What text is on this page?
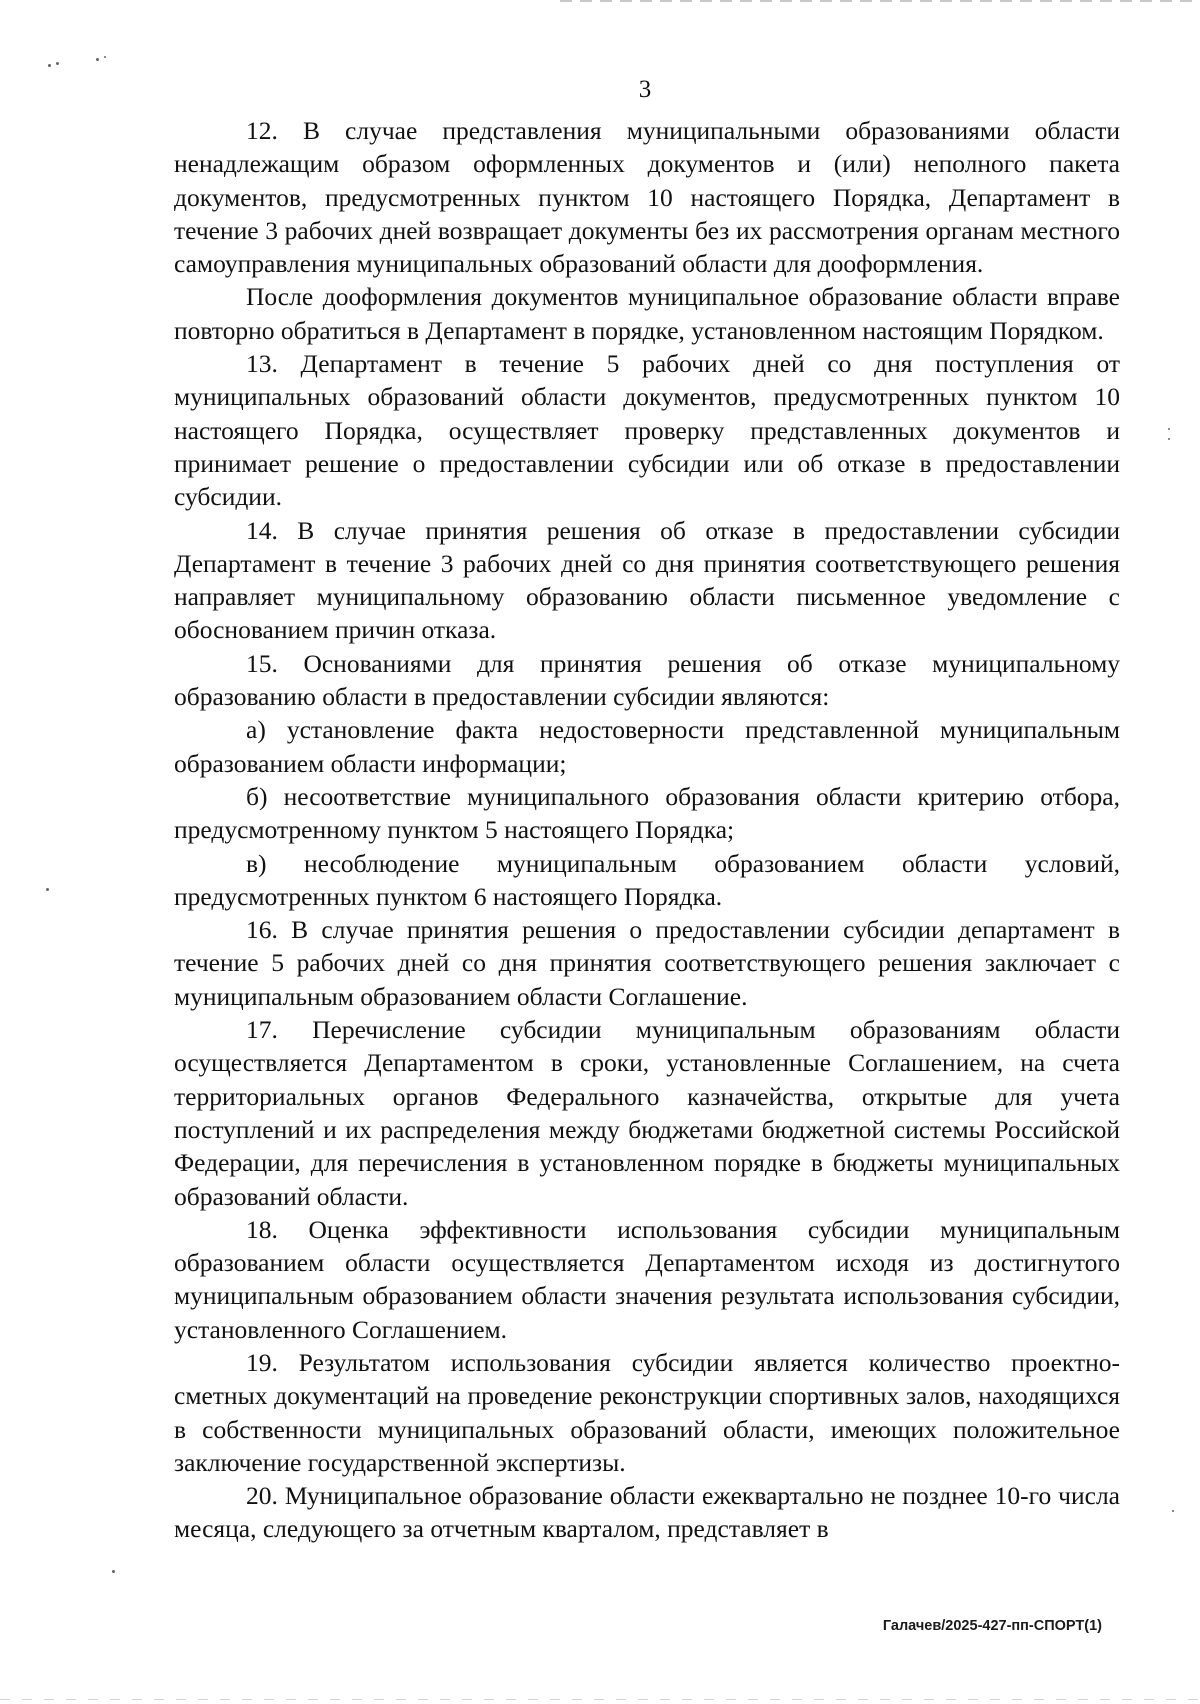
3

12. В случае представления муниципальными образованиями области ненадлежащим образом оформленных документов и (или) неполного пакета документов, предусмотренных пунктом 10 настоящего Порядка, Департамент в течение 3 рабочих дней возвращает документы без их рассмотрения органам местного самоуправления муниципальных образований области для дооформления.

После дооформления документов муниципальное образование области вправе повторно обратиться в Департамент в порядке, установленном настоящим Порядком.

13. Департамент в течение 5 рабочих дней со дня поступления от муниципальных образований области документов, предусмотренных пунктом 10 настоящего Порядка, осуществляет проверку представленных документов и принимает решение о предоставлении субсидии или об отказе в предоставлении субсидии.

14. В случае принятия решения об отказе в предоставлении субсидии Департамент в течение 3 рабочих дней со дня принятия соответствующего решения направляет муниципальному образованию области письменное уведомление с обоснованием причин отказа.

15. Основаниями для принятия решения об отказе муниципальному образованию области в предоставлении субсидии являются:

а) установление факта недостоверности представленной муниципальным образованием области информации;

б) несоответствие муниципального образования области критерию отбора, предусмотренному пунктом 5 настоящего Порядка;

в) несоблюдение муниципальным образованием области условий, предусмотренных пунктом 6 настоящего Порядка.

16. В случае принятия решения о предоставлении субсидии департамент в течение 5 рабочих дней со дня принятия соответствующего решения заключает с муниципальным образованием области Соглашение.

17. Перечисление субсидии муниципальным образованиям области осуществляется Департаментом в сроки, установленные Соглашением, на счета территориальных органов Федерального казначейства, открытые для учета поступлений и их распределения между бюджетами бюджетной системы Российской Федерации, для перечисления в установленном порядке в бюджеты муниципальных образований области.

18. Оценка эффективности использования субсидии муниципальным образованием области осуществляется Департаментом исходя из достигнутого муниципальным образованием области значения результата использования субсидии, установленного Соглашением.

19. Результатом использования субсидии является количество проектно-сметных документаций на проведение реконструкции спортивных залов, находящихся в собственности муниципальных образований области, имеющих положительное заключение государственной экспертизы.

20. Муниципальное образование области ежеквартально не позднее 10-го числа месяца, следующего за отчетным кварталом, представляет в

Галачев/2025-427-пп-СПОРТ(1)
